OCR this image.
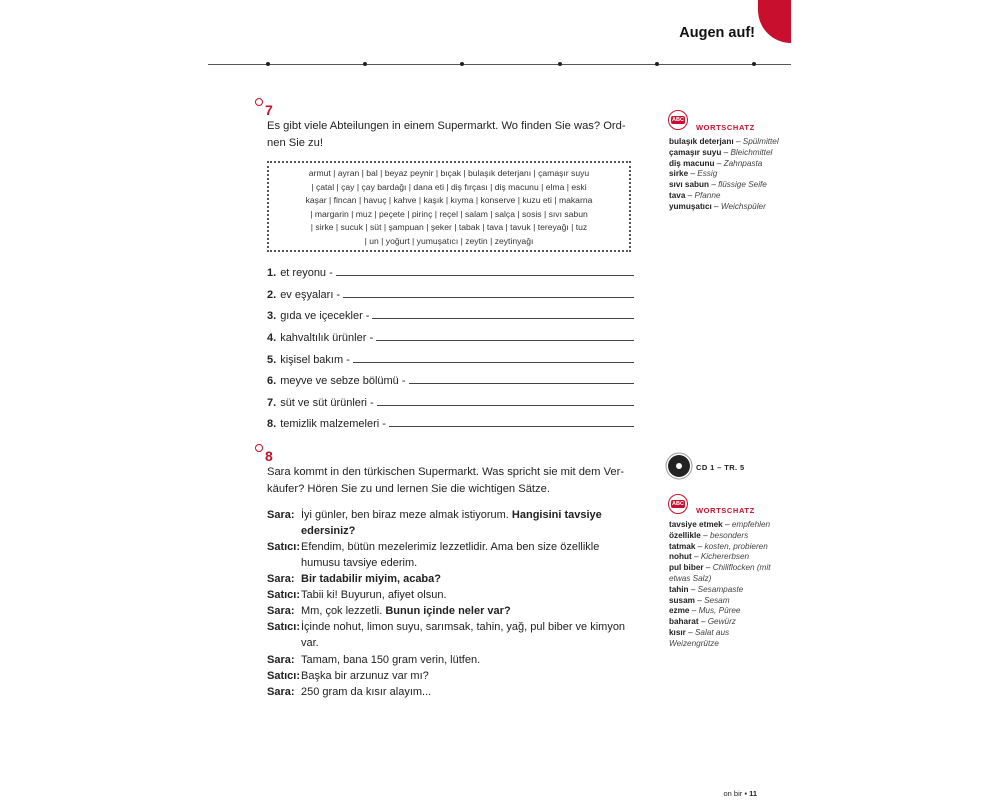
Augen auf!
7
Es gibt viele Abteilungen in einem Supermarkt. Wo finden Sie was? Ord-
nen Sie zu!
armut | ayran | bal | beyaz peynir | bıçak | bulaşık deterjanı | çamaşır suyu
| çatal | çay | çay bardağı | dana eti | diş fırçası | diş macunu | elma | eski
kaşar | fincan | havuç | kahve | kaşık | kıyma | konserve | kuzu eti | makarna
| margarin | muz | peçete | pirinç | reçel | salam | salça | sosis | sıvı sabun
| sirke | sucuk | süt | şampuan | şeker | tabak | tava | tavuk | tereyağı | tuz
| un | yoğurt | yumuşatıcı | zeytin | zeytinyağı
1. et reyonu -
2. ev eşyaları -
3. gıda ve içecekler -
4. kahvaltılık ürünler -
5. kişisel bakım -
6. meyve ve sebze bölümü -
7. süt ve süt ürünleri -
8. temizlik malzemeleri -
8
Sara kommt in den türkischen Supermarkt. Was spricht sie mit dem Ver-
käufer? Hören Sie zu und lernen Sie die wichtigen Sätze.
Sara: İyi günler, ben biraz meze almak istiyorum. Hangisini tavsiye edersiniz?
Satıcı: Efendim, bütün mezelerimiz lezzetlidir. Ama ben size özellikle humusu tavsiye ederim.
Sara: Bir tadabilir miyim, acaba?
Satıcı: Tabii ki! Buyurun, afiyet olsun.
Sara: Mm, çok lezzetli. Bunun içinde neler var?
Satıcı: İçinde nohut, limon suyu, sarımsak, tahin, yağ, pul biber ve kimyon var.
Sara: Tamam, bana 150 gram verin, lütfen.
Satıcı: Başka bir arzunuz var mı?
Sara: 250 gram da kısır alayım...
ABC
WORTSCHATZ
bulaşık deterjanı – Spülmittel
çamaşır suyu – Bleichmittel
diş macunu – Zahnpasta
sirke – Essig
sıvı sabun – flüssige Seife
tava – Pfanne
yumuşatıcı – Weichspüler
CD 1 – TR. 5
ABC
WORTSCHATZ
tavsiye etmek – empfehlen
özellikle – besonders
tatmak – kosten, probieren
nohut – Kichererbsen
pul biber – Chiliflocken (mit etwas Salz)
tahin – Sesampaste
susam – Sesam
ezme – Mus, Püree
baharat – Gewürz
kısır – Salat aus Weizengrütze
on bir ▪ 11
